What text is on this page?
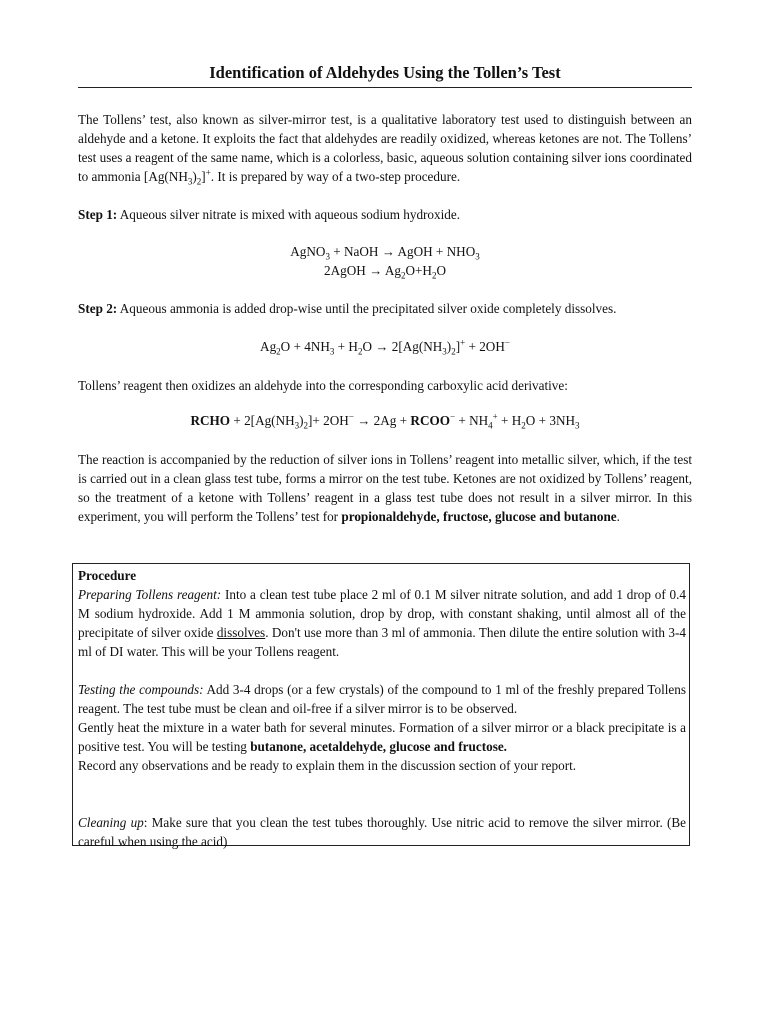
Identification of Aldehydes Using the Tollen’s Test
The Tollens’ test, also known as silver-mirror test, is a qualitative laboratory test used to distinguish between an aldehyde and a ketone. It exploits the fact that aldehydes are readily oxidized, whereas ketones are not. The Tollens’ test uses a reagent of the same name, which is a colorless, basic, aqueous solution containing silver ions coordinated to ammonia $[Ag(NH_3)_2]^+$. It is prepared by way of a two-step procedure.
Step 1: Aqueous silver nitrate is mixed with aqueous sodium hydroxide.
AgNO$_3$ + NaOH → AgOH + $NHO_3$
2AgOH → $Ag_2O+H_2O$
Step 2: Aqueous ammonia is added drop-wise until the precipitated silver oxide completely dissolves.
$Ag_2O + 4NH_3 + H_2O \to 2[Ag(NH_3)_2]^+ + 2OH^-$
Tollens’ reagent then oxidizes an aldehyde into the corresponding carboxylic acid derivative:
RCHO + $2[Ag(NH_3)_2]+ 2OH^- \to 2Ag$ + RCOO− + $NH_4^+ + H_2O + 3NH_3$
The reaction is accompanied by the reduction of silver ions in Tollens’ reagent into metallic silver, which, if the test is carried out in a clean glass test tube, forms a mirror on the test tube. Ketones are not oxidized by Tollens’ reagent, so the treatment of a ketone with Tollens’ reagent in a glass test tube does not result in a silver mirror. In this experiment, you will perform the Tollens’ test for propionaldehyde, fructose, glucose and butanone.

Procedure

Preparing Tollens reagent: Into a clean test tube place 2 ml of 0.1 M silver nitrate solution, and add 1 drop of 0.4 M sodium hydroxide. Add 1 M ammonia solution, drop by drop, with constant shaking, until almost all of the precipitate of silver oxide dissolves. Don't use more than 3 ml of ammonia. Then dilute the entire solution with 3-4 ml of DI water. This will be your Tollens reagent.

Testing the compounds: Add 3-4 drops (or a few crystals) of the compound to 1 ml of the freshly prepared Tollens reagent. The test tube must be clean and oil-free if a silver mirror is to be observed.

Gently heat the mixture in a water bath for several minutes. Formation of a silver mirror or a black precipitate is a positive test. You will be testing butanone, acetaldehyde, glucose and fructose.

Record any observations and be ready to explain them in the discussion section of your report.

Cleaning up: Make sure that you clean the test tubes thoroughly. Use nitric acid to remove the silver mirror. (Be careful when using the acid)
